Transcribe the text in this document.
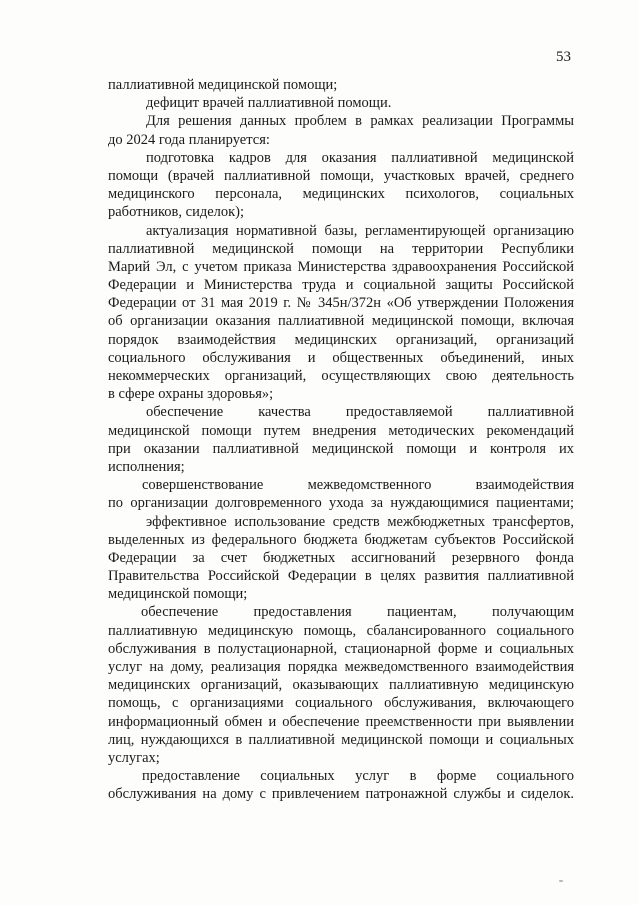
53
паллиативной медицинской помощи;
дефицит врачей паллиативной помощи.
Для решения данных проблем в рамках реализации Программы
до 2024 года планируется:
подготовка кадров для оказания паллиативной медицинской
помощи (врачей паллиативной помощи, участковых врачей, среднего
медицинского персонала, медицинских психологов, социальных
работников, сиделок);
актуализация нормативной базы, регламентирующей организацию
паллиативной медицинской помощи на территории Республики
Марий Эл, с учетом приказа Министерства здравоохранения Российской
Федерации и Министерства труда и социальной защиты Российской
Федерации от 31 мая 2019 г. № 345н/372н «Об утверждении Положения
об организации оказания паллиативной медицинской помощи, включая
порядок взаимодействия медицинских организаций, организаций
социального обслуживания и общественных объединений, иных
некоммерческих организаций, осуществляющих свою деятельность
в сфере охраны здоровья»;
обеспечение качества предоставляемой паллиативной
медицинской помощи путем внедрения методических рекомендаций
при оказании паллиативной медицинской помощи и контроля их
исполнения;
совершенствование межведомственного взаимодействия
по организации долговременного ухода за нуждающимися пациентами;
эффективное использование средств межбюджетных трансфертов,
выделенных из федерального бюджета бюджетам субъектов Российской
Федерации за счет бюджетных ассигнований резервного фонда
Правительства Российской Федерации в целях развития паллиативной
медицинской помощи;
обеспечение предоставления пациентам, получающим
паллиативную медицинскую помощь, сбалансированного социального
обслуживания в полустационарной, стационарной форме и социальных
услуг на дому, реализация порядка межведомственного взаимодействия
медицинских организаций, оказывающих паллиативную медицинскую
помощь, с организациями социального обслуживания, включающего
информационный обмен и обеспечение преемственности при выявлении
лиц, нуждающихся в паллиативной медицинской помощи и социальных
услугах;
предоставление социальных услуг в форме социального
обслуживания на дому с привлечением патронажной службы и сиделок.
